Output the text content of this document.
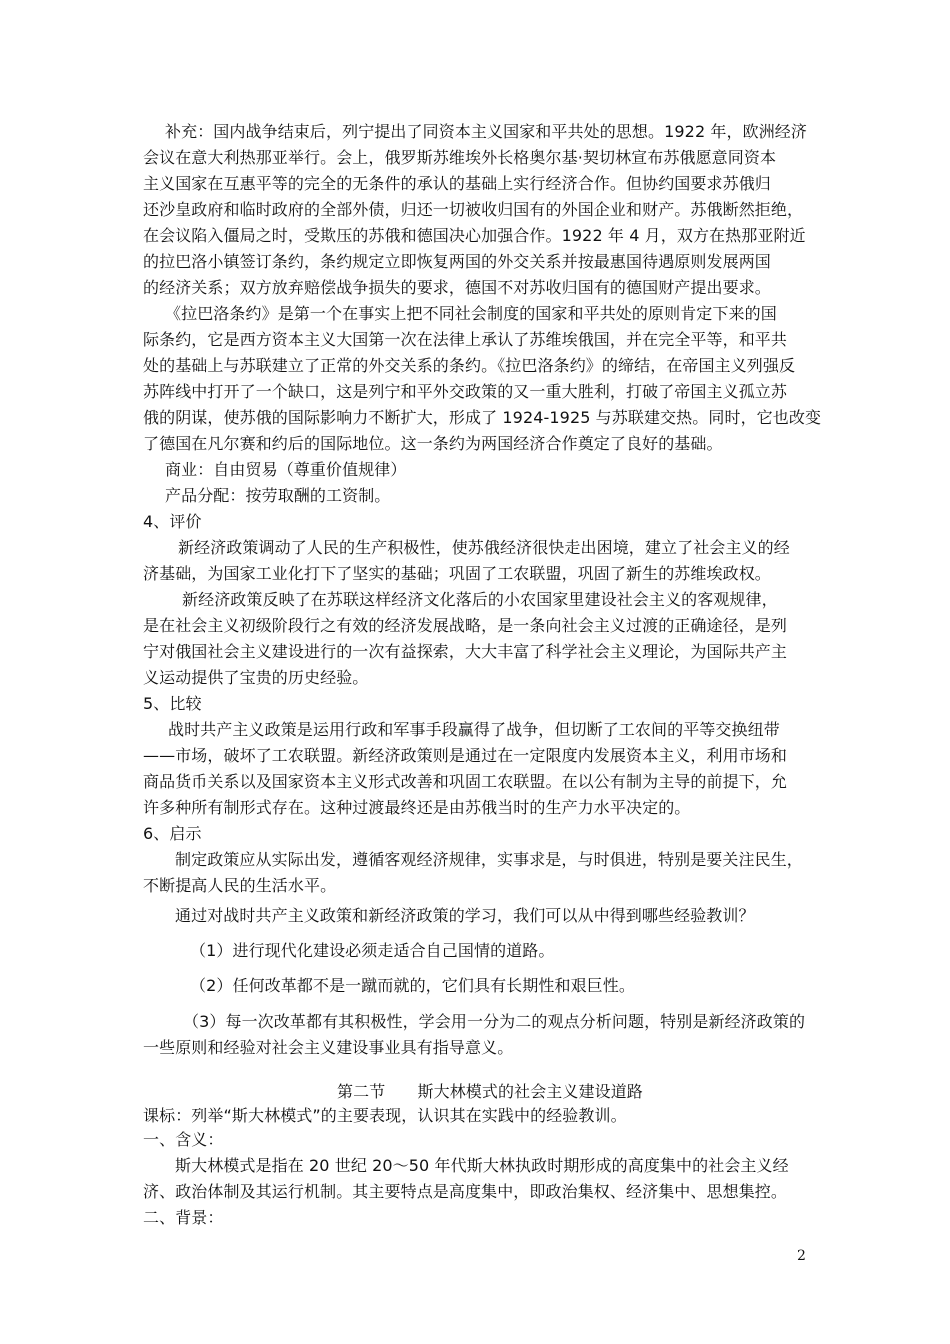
补充：国内战争结束后，列宁提出了同资本主义国家和平共处的思想。1922 年，欧洲经济
会议在意大利热那亚举行。会上，俄罗斯苏维埃外长格奥尔基·契切林宣布苏俄愿意同资本
主义国家在互惠平等的完全的无条件的承认的基础上实行经济合作。但协约国要求苏俄归
还沙皇政府和临时政府的全部外债，归还一切被收归国有的外国企业和财产。苏俄断然拒绝，
在会议陷入僵局之时，受欺压的苏俄和德国决心加强合作。1922 年 4 月，双方在热那亚附近
的拉巴洛小镇签订条约，条约规定立即恢复两国的外交关系并按最惠国待遇原则发展两国
的经济关系；双方放弃赔偿战争损失的要求，德国不对苏收归国有的德国财产提出要求。
《拉巴洛条约》是第一个在事实上把不同社会制度的国家和平共处的原则肯定下来的国
际条约，它是西方资本主义大国第一次在法律上承认了苏维埃俄国，并在完全平等，和平共
处的基础上与苏联建立了正常的外交关系的条约。《拉巴洛条约》的缔结，在帝国主义列强反
苏阵线中打开了一个缺口，这是列宁和平外交政策的又一重大胜利，打破了帝国主义孤立苏
俄的阴谋，使苏俄的国际影响力不断扩大，形成了 1924-1925 与苏联建交热。同时，它也改变
了德国在凡尔赛和约后的国际地位。这一条约为两国经济合作奠定了良好的基础。
商业：自由贸易（尊重价值规律）
产品分配：按劳取酬的工资制。
4、评价
新经济政策调动了人民的生产积极性，使苏俄经济很快走出困境，建立了社会主义的经
济基础，为国家工业化打下了坚实的基础；巩固了工农联盟，巩固了新生的苏维埃政权。
新经济政策反映了在苏联这样经济文化落后的小农国家里建设社会主义的客观规律，
是在社会主义初级阶段行之有效的经济发展战略，是一条向社会主义过渡的正确途径，是列
宁对俄国社会主义建设进行的一次有益探索，大大丰富了科学社会主义理论，为国际共产主
义运动提供了宝贵的历史经验。
5、比较
战时共产主义政策是运用行政和军事手段赢得了战争，但切断了工农间的平等交换纽带
——市场，破坏了工农联盟。新经济政策则是通过在一定限度内发展资本主义，利用市场和
商品货币关系以及国家资本主义形式改善和巩固工农联盟。在以公有制为主导的前提下，允
许多种所有制形式存在。这种过渡最终还是由苏俄当时的生产力水平决定的。
6、启示
制定政策应从实际出发，遵循客观经济规律，实事求是，与时俱进，特别是要关注民生，
不断提高人民的生活水平。
通过对战时共产主义政策和新经济政策的学习，我们可以从中得到哪些经验教训？
（1）进行现代化建设必须走适合自己国情的道路。
（2）任何改革都不是一蹴而就的，它们具有长期性和艰巨性。
（3）每一次改革都有其积极性，学会用一分为二的观点分析问题，特别是新经济政策的
一些原则和经验对社会主义建设事业具有指导意义。
第二节　　斯大林模式的社会主义建设道路
课标：列举“斯大林模式”的主要表现，认识其在实践中的经验教训。
一、含义：
斯大林模式是指在 20 世纪 20～50 年代斯大林执政时期形成的高度集中的社会主义经
济、政治体制及其运行机制。其主要特点是高度集中，即政治集权、经济集中、思想集控。
二、背景：
2
